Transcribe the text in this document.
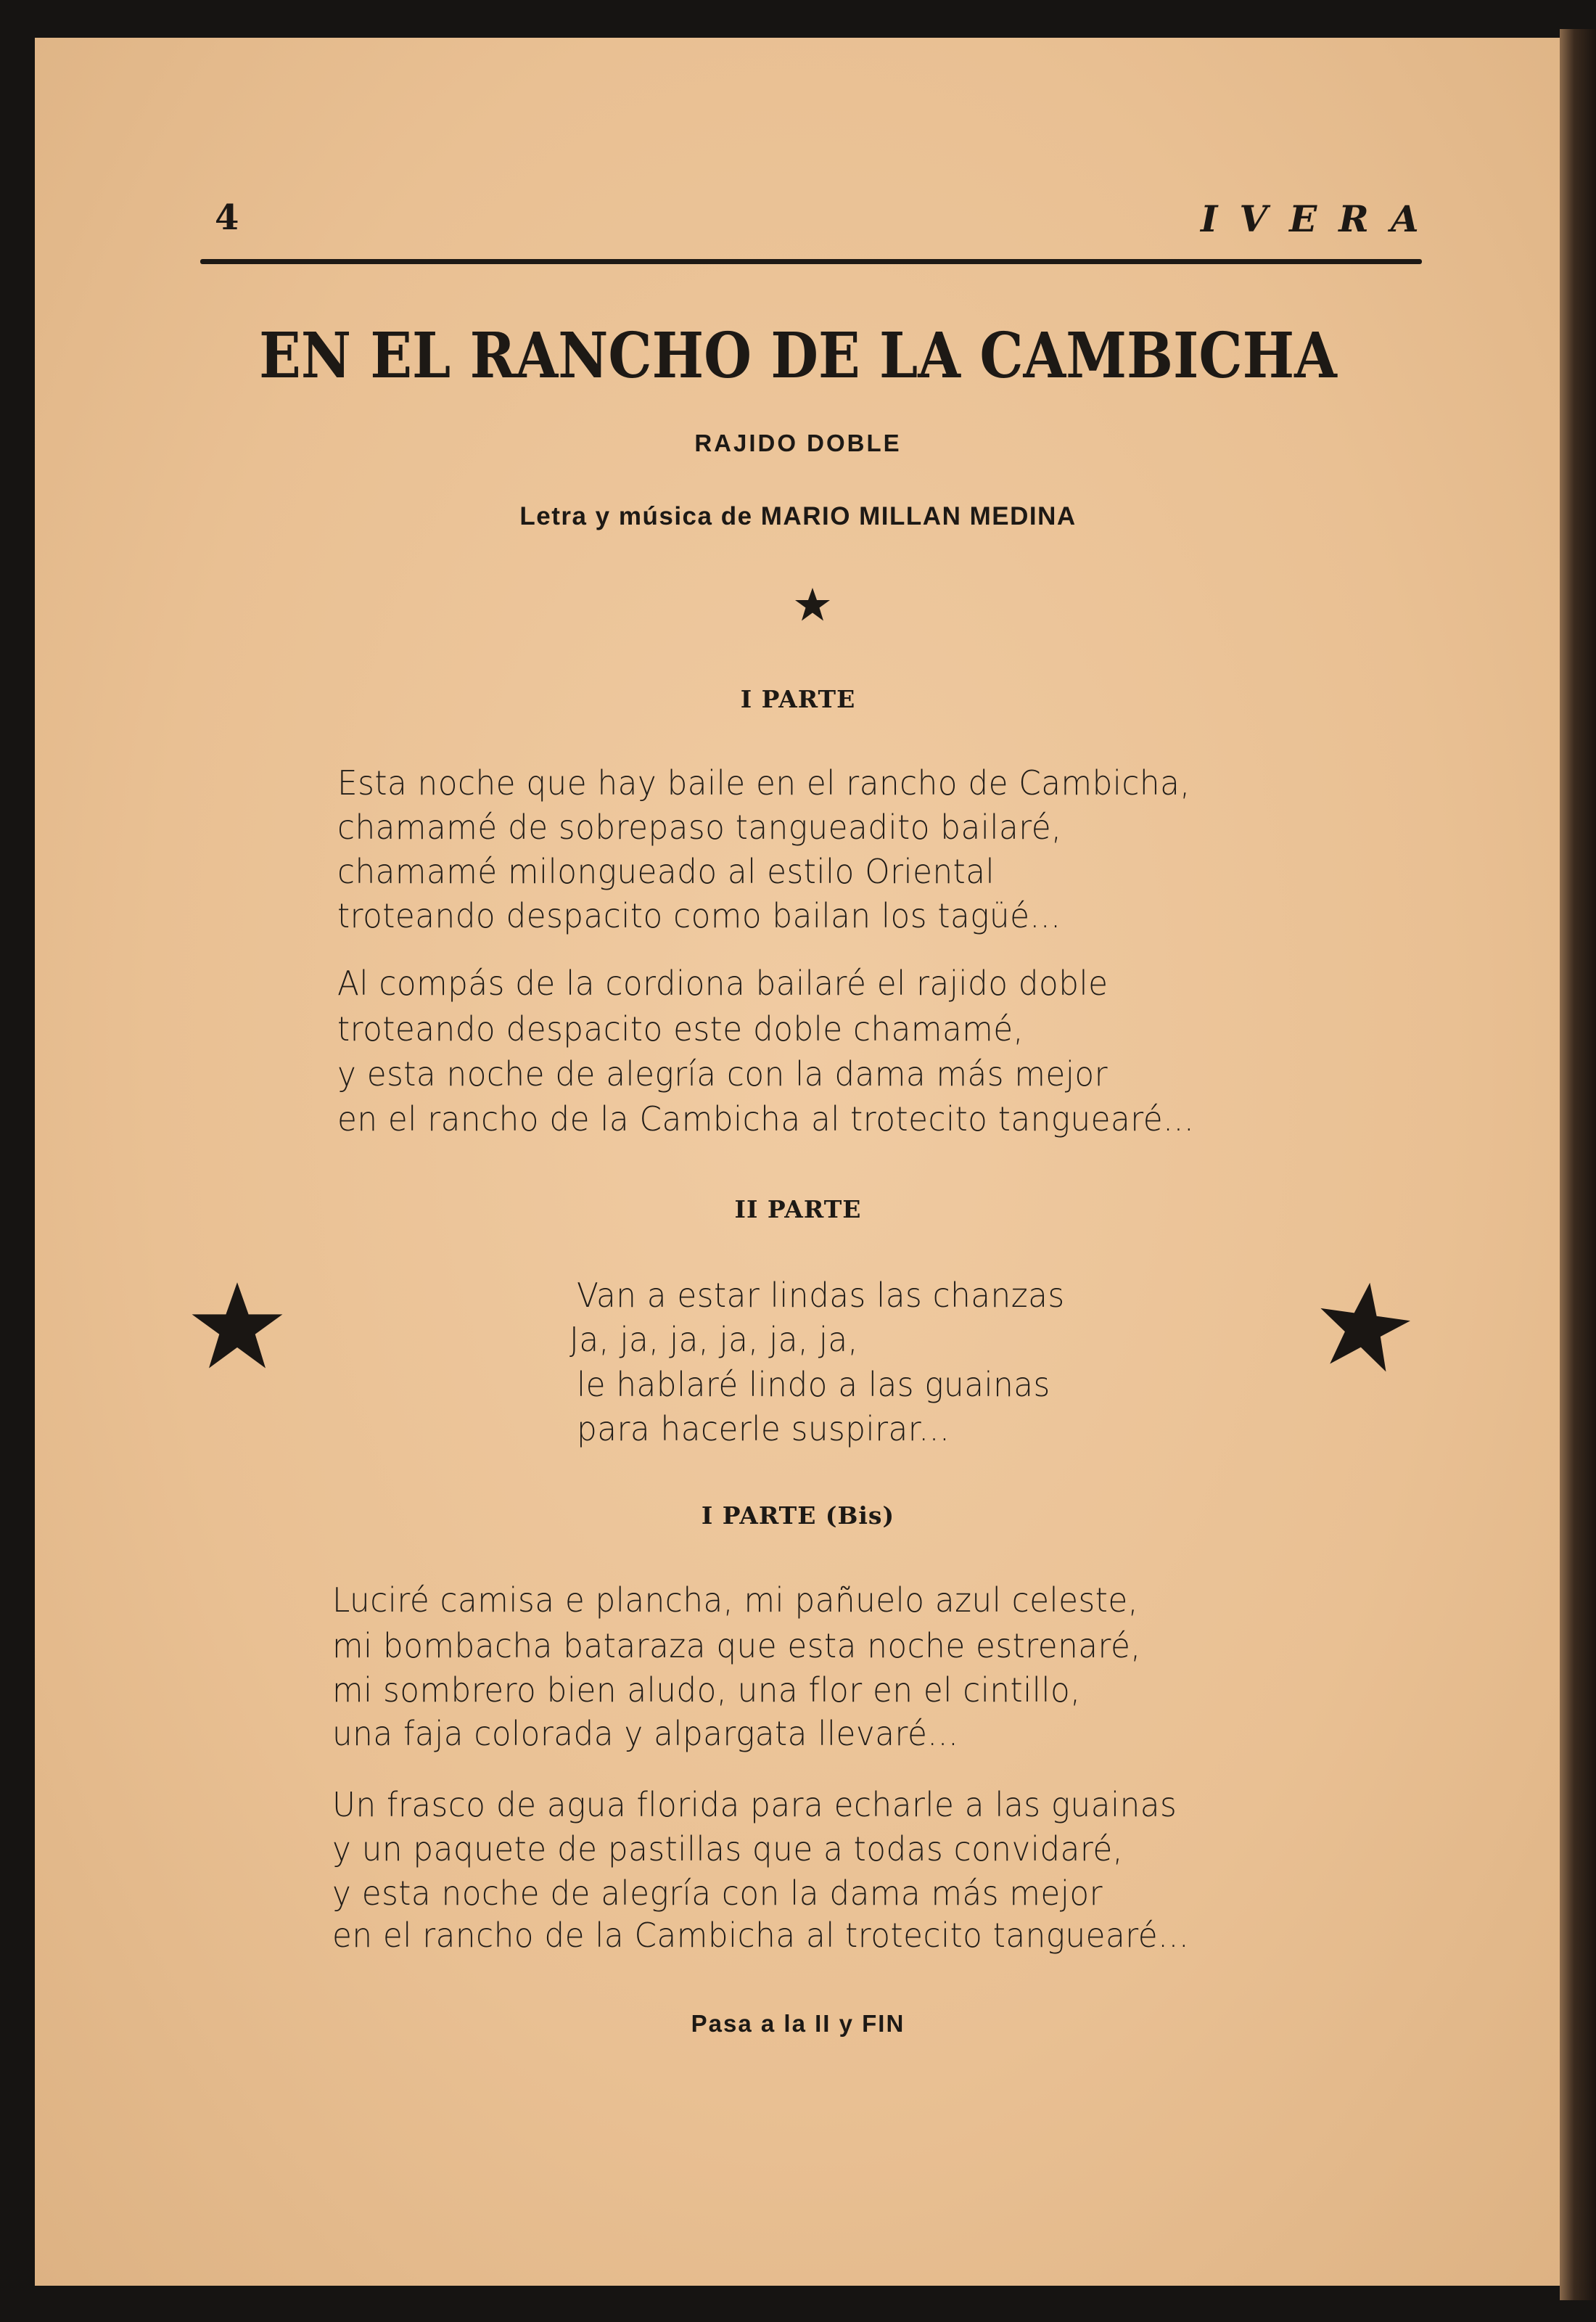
4	IVERA
EN EL RANCHO DE LA CAMBICHA
RAJIDO DOBLE
Letra y música de MARIO MILLAN MEDINA
I PARTE
Esta noche que hay baile en el rancho de Cambicha,
chamamé de sobrepaso tangueadito bailaré,
chamamé milongueado al estilo Oriental
troteando despacito como bailan los tagüé...
Al compás de la cordiona bailaré el rajido doble
troteando despacito este doble chamamé,
y esta noche de alegría con la dama más mejor
en el rancho de la Cambicha al trotecito tanguearé...
II PARTE
Van a estar lindas las chanzas
Ja, ja, ja, ja, ja, ja,
le hablaré lindo a las guainas
para hacerle suspirar...
I PARTE (Bis)
Luciré camisa e plancha, mi pañuelo azul celeste,
mi bombacha bataraza que esta noche estrenaré,
mi sombrero bien aludo, una flor en el cintillo,
una faja colorada y alpargata llevaré...
Un frasco de agua florida para echarle a las guainas
y un paquete de pastillas que a todas convidaré,
y esta noche de alegría con la dama más mejor
en el rancho de la Cambicha al trotecito tanguearé...
Pasa a la II y FIN
